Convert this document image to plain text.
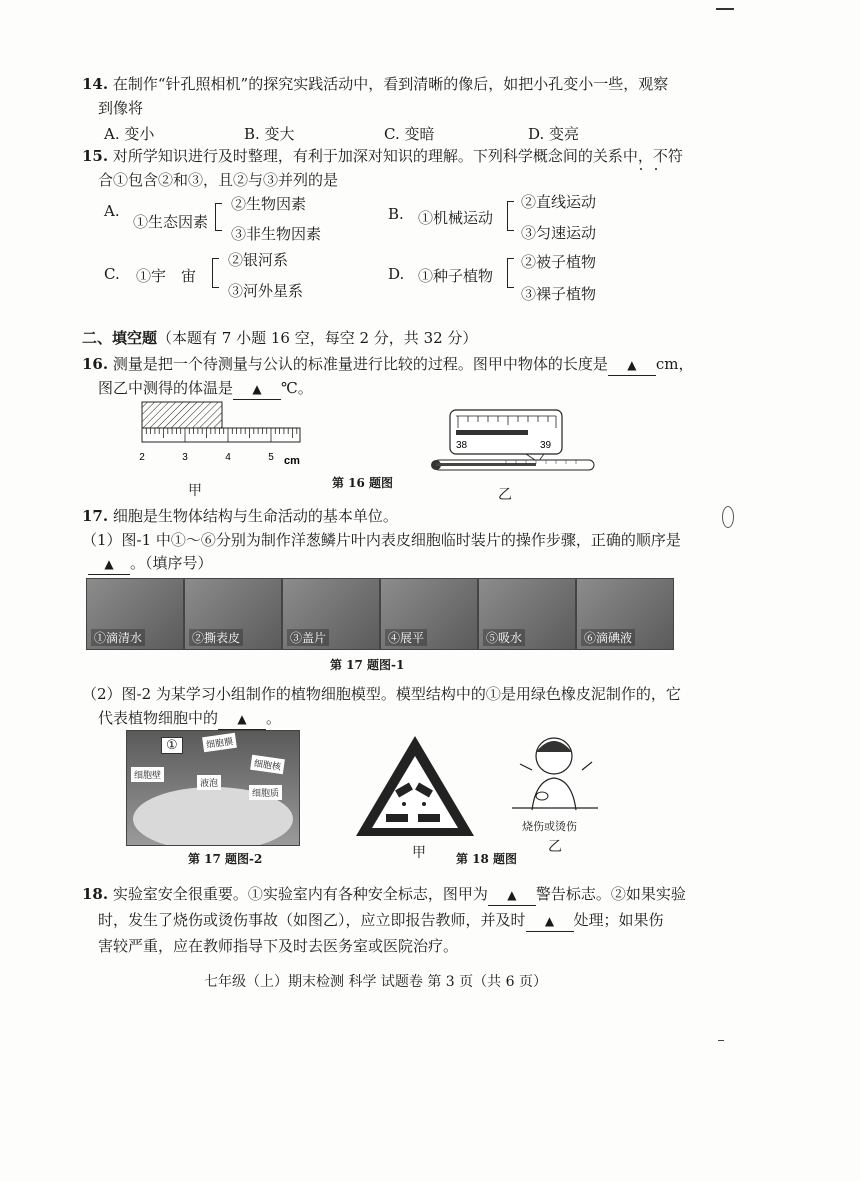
14. 在制作“针孔照相机”的探究实践活动中，看到清晰的像后，如把小孔变小一些，观察
到像将
A. 变小	B. 变大	C. 变暗	D. 变亮
15. 对所学知识进行及时整理，有利于加深对知识的理解。下列科学概念间的关系中，不符
合①包含②和③，且②与③并列的是
A.
①生态因素
②生物因素
③非生物因素
B. ①机械运动
②直线运动
③匀速运动
C. ①宇　宙
②银河系
③河外星系
D. ①种子植物
②被子植物
③裸子植物
二、填空题（本题有 7 小题 16 空，每空 2 分，共 32 分）
16. 测量是把一个待测量与公认的标准量进行比较的过程。图甲中物体的长度是 ▲ cm，
图乙中测得的体温是 ▲ ℃。
2	3	4	5 cm
甲	第 16 题图
38	39
乙
17. 细胞是生物体结构与生命活动的基本单位。
（1）图-1 中①～⑥分别为制作洋葱鳞片叶内表皮细胞临时装片的操作步骤，正确的顺序是
▲ 。（填序号）
①滴清水	②撕表皮	③盖片	④展平	⑤吸水	⑥滴碘液
第 17 题图-1
（2）图-2 为某学习小组制作的植物细胞模型。模型结构中的①是用绿色橡皮泥制作的，它
代表植物细胞中的 ▲ 。
①	细胞膜
细胞核
细胞壁
液泡
细胞质
第 17 题图-2	甲	第 18 题图
烧伤或烫伤
乙
18. 实验室安全很重要。①实验室内有各种安全标志，图甲为 ▲ 警告标志。②如果实验
时，发生了烧伤或烫伤事故（如图乙），应立即报告教师，并及时 ▲ 处理；如果伤
害较严重，应在教师指导下及时去医务室或医院治疗。
七年级（上）期末检测 科学 试题卷 第 3 页（共 6 页）
